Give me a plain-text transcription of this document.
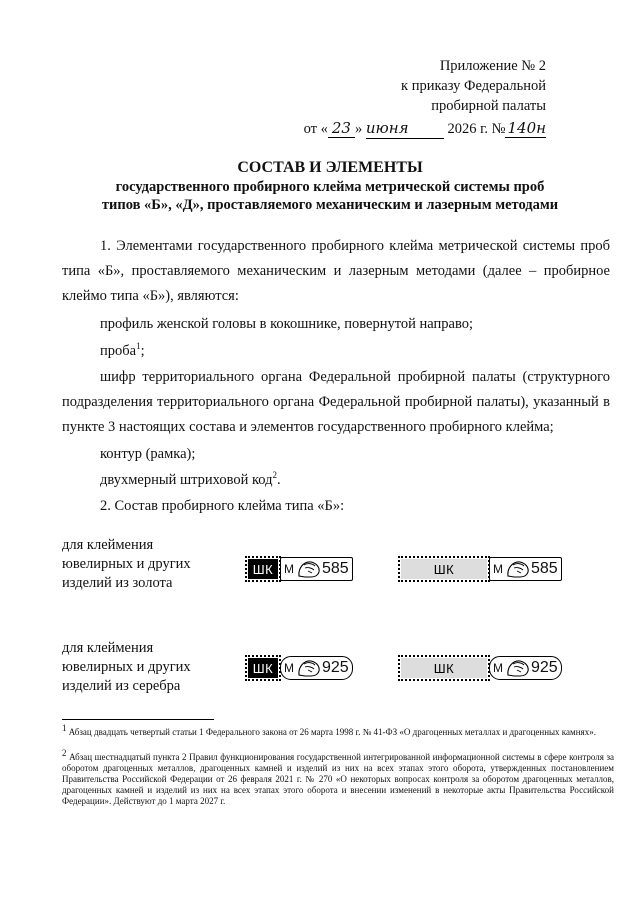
Приложение № 2
к приказу Федеральной
пробирной палаты
от « 23 » июня	2026 г. № 140н
СОСТАВ И ЭЛЕМЕНТЫ
государственного пробирного клейма метрической системы проб
типов «Б», «Д», проставляемого механическим и лазерным методами
1. Элементами государственного пробирного клейма метрической системы проб типа «Б», проставляемого механическим и лазерным методами (далее – пробирное клеймо типа «Б»), являются:
профиль женской головы в кокошнике, повернутой направо;
проба$^1$;
шифр территориального органа Федеральной пробирной палаты (структурного подразделения территориального органа Федеральной пробирной палаты), указанный в пункте 3 настоящих состава и элементов государственного пробирного клейма;
контур (рамка);
двухмерный штриховой код$^2$.
2. Состав пробирного клейма типа «Б»:
для клеймения ювелирных и других изделий из золота
ШК М 585	ШК	М 585
для клеймения ювелирных и других изделий из серебра
ШК М 925	ШК	М 925
$^1$ Абзац двадцать четвертый статьи 1 Федерального закона от 26 марта 1998 г. № 41-ФЗ «О драгоценных металлах и драгоценных камнях».
$^2$ Абзац шестнадцатый пункта 2 Правил функционирования государственной интегрированной информационной системы в сфере контроля за оборотом драгоценных металлов, драгоценных камней и изделий из них на всех этапах этого оборота, утвержденных постановлением Правительства Российской Федерации от 26 февраля 2021 г. № 270 «О некоторых вопросах контроля за оборотом драгоценных металлов, драгоценных камней и изделий из них на всех этапах этого оборота и внесении изменений в некоторые акты Правительства Российской Федерации». Действуют до 1 марта 2027 г.
